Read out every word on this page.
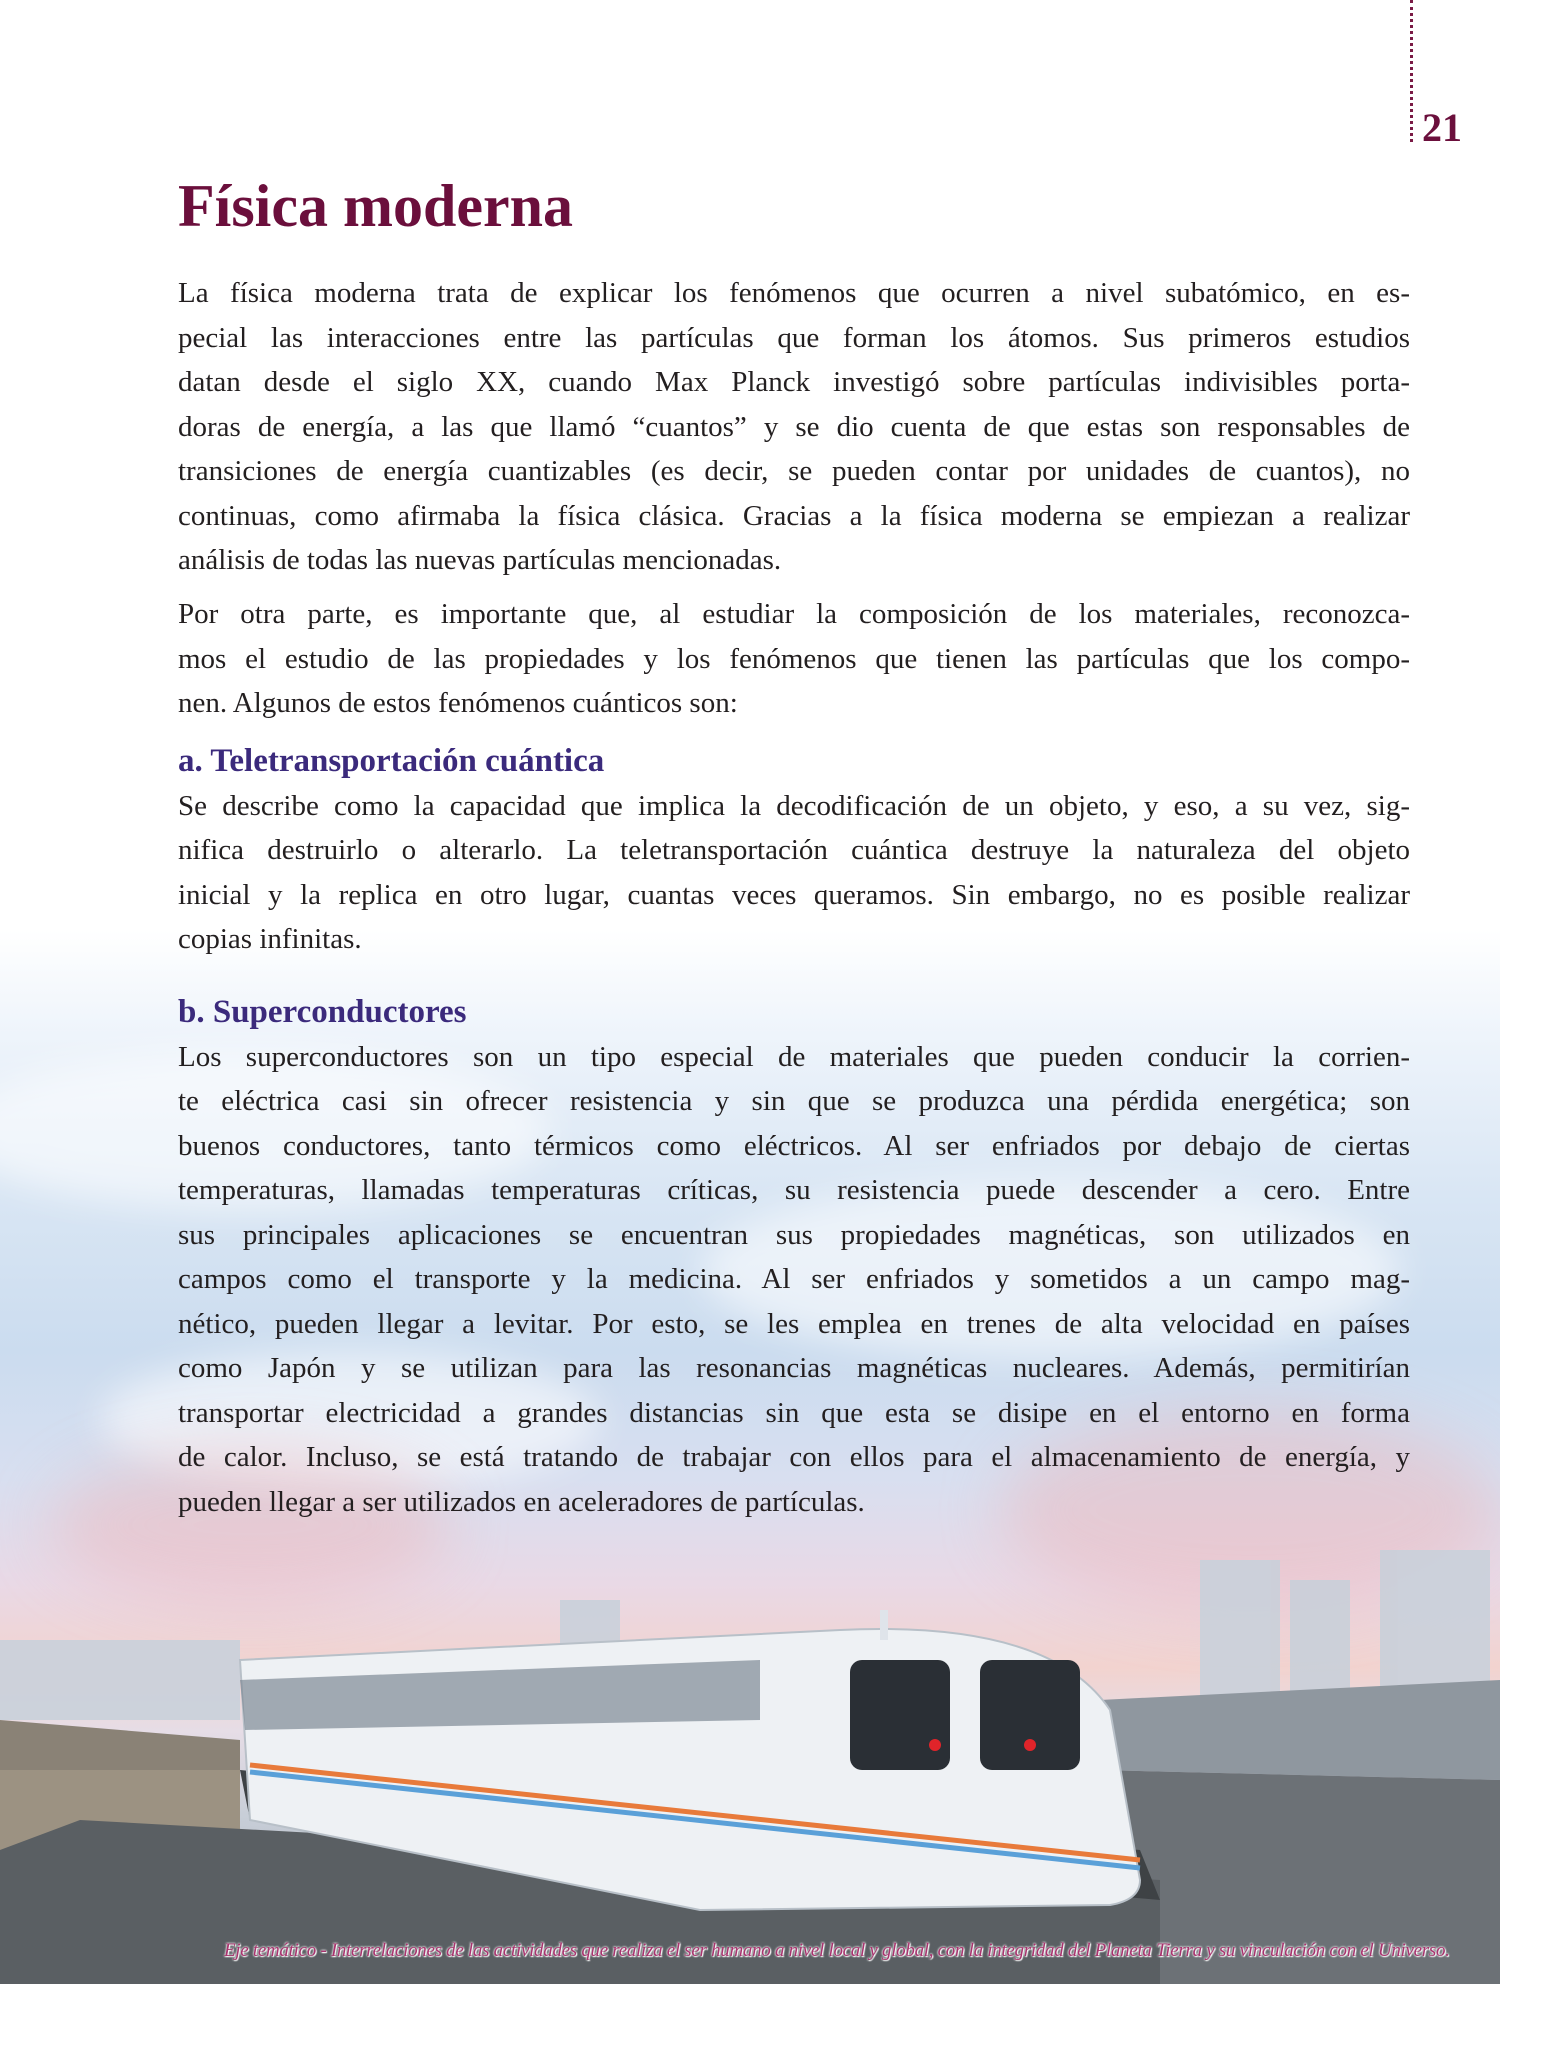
21
Física moderna
La física moderna trata de explicar los fenómenos que ocurren a nivel subatómico, en es-
pecial las interacciones entre las partículas que forman los átomos. Sus primeros estudios
datan desde el siglo XX, cuando Max Planck investigó sobre partículas indivisibles porta-
doras de energía, a las que llamó “cuantos” y se dio cuenta de que estas son responsables de
transiciones de energía cuantizables (es decir, se pueden contar por unidades de cuantos), no
continuas, como afirmaba la física clásica. Gracias a la física moderna se empiezan a realizar
análisis de todas las nuevas partículas mencionadas.
Por otra parte, es importante que, al estudiar la composición de los materiales, reconozca-
mos el estudio de las propiedades y los fenómenos que tienen las partículas que los compo-
nen. Algunos de estos fenómenos cuánticos son:
a. Teletransportación cuántica
Se describe como la capacidad que implica la decodificación de un objeto, y eso, a su vez, sig-
nifica destruirlo o alterarlo. La teletransportación cuántica destruye la naturaleza del objeto
inicial y la replica en otro lugar, cuantas veces queramos. Sin embargo, no es posible realizar
copias infinitas.
b. Superconductores
Los superconductores son un tipo especial de materiales que pueden conducir la corrien-
te eléctrica casi sin ofrecer resistencia y sin que se produzca una pérdida energética; son
buenos conductores, tanto térmicos como eléctricos. Al ser enfriados por debajo de ciertas
temperaturas, llamadas temperaturas críticas, su resistencia puede descender a cero. Entre
sus principales aplicaciones se encuentran sus propiedades magnéticas, son utilizados en
campos como el transporte y la medicina. Al ser enfriados y sometidos a un campo mag-
nético, pueden llegar a levitar. Por esto, se les emplea en trenes de alta velocidad en países
como Japón y se utilizan para las resonancias magnéticas nucleares. Además, permitirían
transportar electricidad a grandes distancias sin que esta se disipe en el entorno en forma
de calor. Incluso, se está tratando de trabajar con ellos para el almacenamiento de energía, y
pueden llegar a ser utilizados en aceleradores de partículas.
Eje temático - Interrelaciones de las actividades que realiza el ser humano a nivel local y global, con la integridad del Planeta Tierra y su vinculación con el Universo.
